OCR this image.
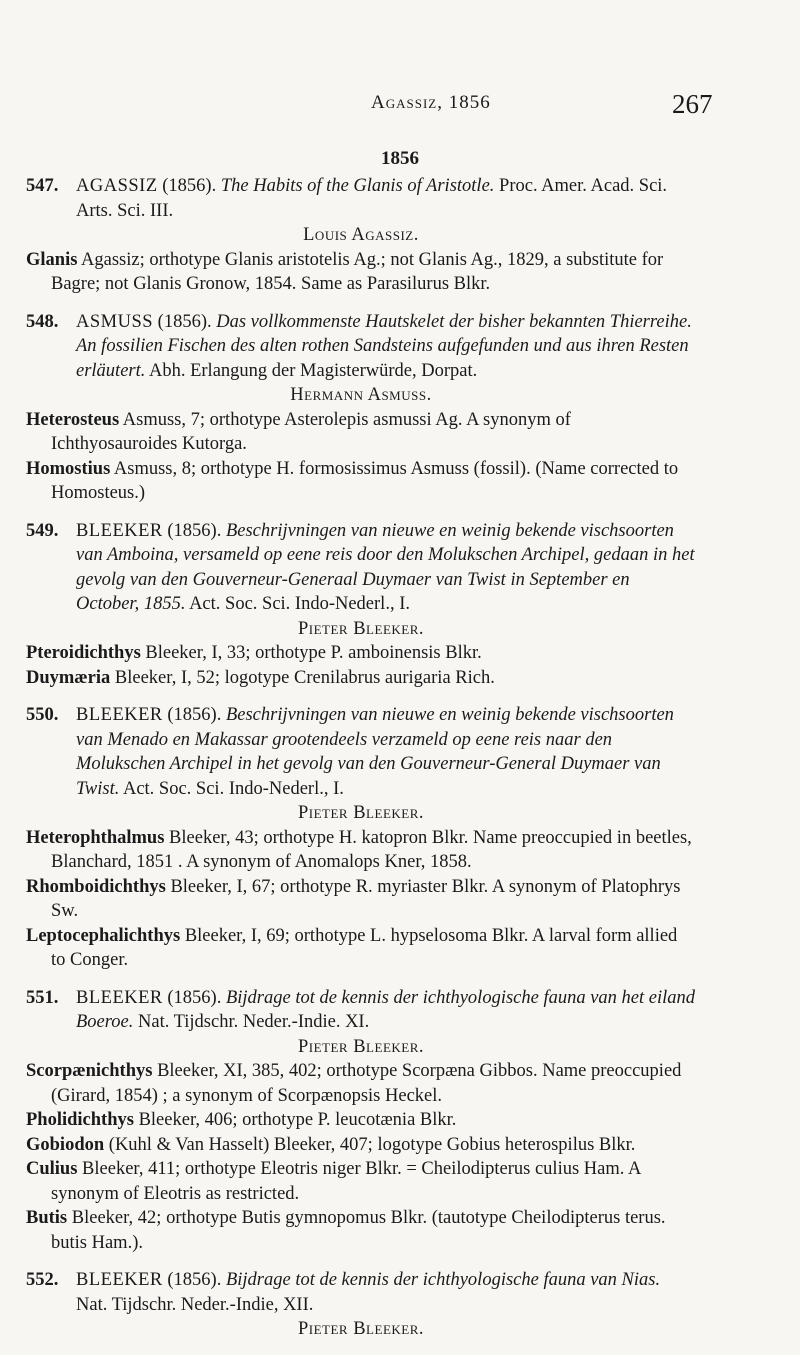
Agassiz, 1856	267
1856
547. AGASSIZ (1856). The Habits of the Glanis of Aristotle. Proc. Amer. Acad. Sci. Arts. Sci. III.
Louis Agassiz.
Glanis Agassiz; orthotype Glanis aristotelis Ag.; not Glanis Ag., 1829, a substitute for Bagre; not Glanis Gronow, 1854. Same as Parasilurus Blkr.
548. ASMUSS (1856). Das vollkommenste Hautskelet der bisher bekannten Thierreihe. An fossilien Fischen des alten rothen Sandsteins aufgefunden und aus ihren Resten erläutert. Abh. Erlangung der Magisterwürde, Dorpat.
Hermann Asmuss.
Heterosteus Asmuss, 7; orthotype Asterolepis asmussi Ag. A synonym of Ichthyosauroides Kutorga.
Homostius Asmuss, 8; orthotype H. formosissimus Asmuss (fossil). (Name corrected to Homosteus.)
549. BLEEKER (1856). Beschrijvningen van nieuwe en weinig bekende vischsoorten van Amboina, versameld op eene reis door den Molukschen Archipel, gedaan in het gevolg van den Gouverneur-Generaal Duymaer van Twist in September en October, 1855. Act. Soc. Sci. Indo-Nederl., I.
Pieter Bleeker.
Pteroidichthys Bleeker, I, 33; orthotype P. amboinensis Blkr.
Duymæria Bleeker, I, 52; logotype Crenilabrus aurigaria Rich.
550. BLEEKER (1856). Beschrijvningen van nieuwe en weinig bekende vischsoorten van Menado en Makassar grootendeels verzameld op eene reis naar den Molukschen Archipel in het gevolg van den Gouverneur-General Duymaer van Twist. Act. Soc. Sci. Indo-Nederl., I.
Pieter Bleeker.
Heterophthalmus Bleeker, 43; orthotype H. katopron Blkr. Name preoccupied in beetles, Blanchard, 1851 . A synonym of Anomalops Kner, 1858.
Rhomboidichthys Bleeker, I, 67; orthotype R. myriaster Blkr. A synonym of Platophrys Sw.
Leptocephalichthys Bleeker, I, 69; orthotype L. hypselosoma Blkr. A larval form allied to Conger.
551. BLEEKER (1856). Bijdrage tot de kennis der ichthyologische fauna van het eiland Boeroe. Nat. Tijdschr. Neder.-Indie. XI.
Pieter Bleeker.
Scorpænichthys Bleeker, XI, 385, 402; orthotype Scorpæna Gibbos. Name preoccupied (Girard, 1854) ; a synonym of Scorpænopsis Heckel.
Pholidichthys Bleeker, 406; orthotype P. leucotænia Blkr.
Gobiodon (Kuhl & Van Hasselt) Bleeker, 407; logotype Gobius heterospilus Blkr.
Culius Bleeker, 411; orthotype Eleotris niger Blkr. = Cheilodipterus culius Ham. A synonym of Eleotris as restricted.
Butis Bleeker, 42; orthotype Butis gymnopomus Blkr. (tautotype Cheilodipterus terus. butis Ham.).
552. BLEEKER (1856). Bijdrage tot de kennis der ichthyologische fauna van Nias. Nat. Tijdschr. Neder.-Indie, XII.
Pieter Bleeker.
